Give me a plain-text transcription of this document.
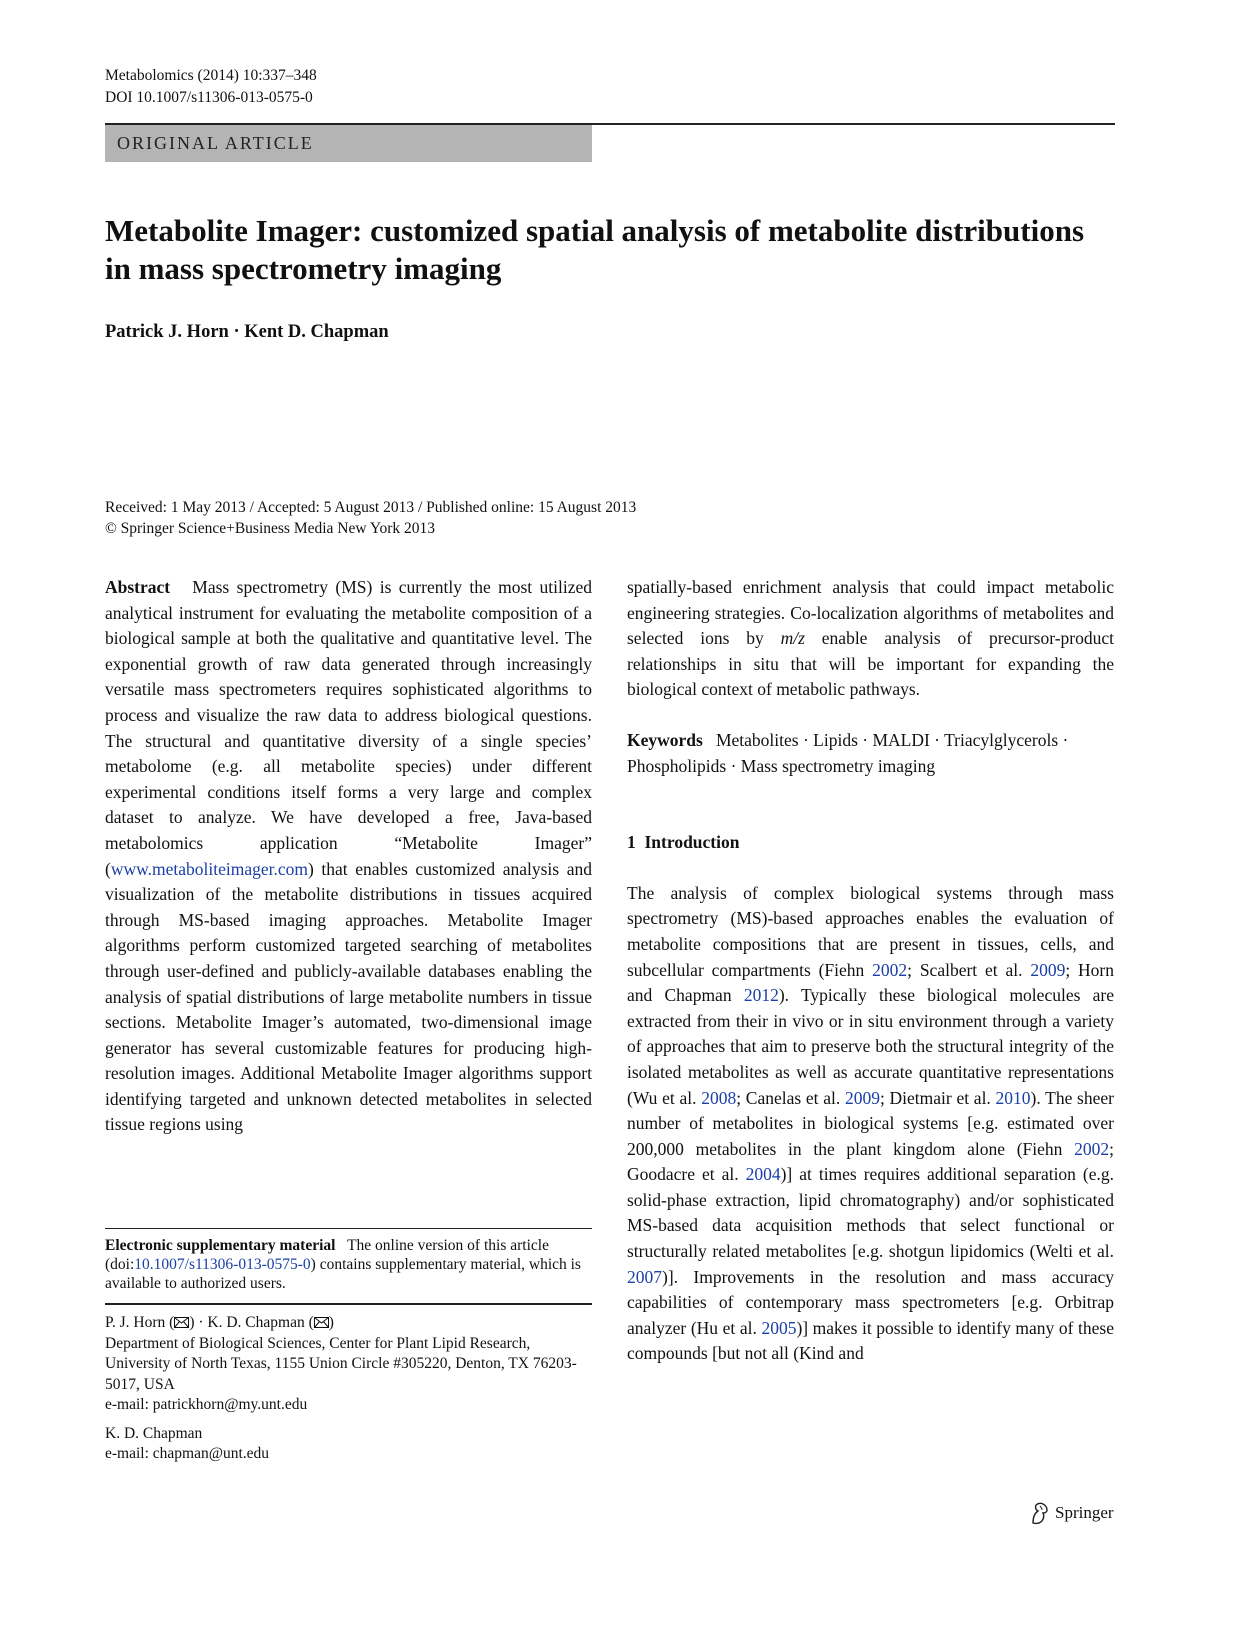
Metabolomics (2014) 10:337–348
DOI 10.1007/s11306-013-0575-0
ORIGINAL ARTICLE
Metabolite Imager: customized spatial analysis of metabolite distributions in mass spectrometry imaging
Patrick J. Horn · Kent D. Chapman
Received: 1 May 2013 / Accepted: 5 August 2013 / Published online: 15 August 2013
© Springer Science+Business Media New York 2013

Abstract Mass spectrometry (MS) is currently the most utilized analytical instrument for evaluating the metabolite composition of a biological sample at both the qualitative and quantitative level. The exponential growth of raw data generated through increasingly versatile mass spectrometers requires sophisticated algorithms to process and visualize the raw data to address biological questions. The structural and quantitative diversity of a single species’ metabolome (e.g. all metabolite species) under different experimental conditions itself forms a very large and complex dataset to analyze. We have developed a free, Java-based metabolomics application “Metabolite Imager” (www.metaboliteimager.com) that enables customized analysis and visualization of the metabolite distributions in tissues acquired through MS-based imaging approaches. Metabolite Imager algorithms perform customized targeted searching of metabolites through user-defined and publicly-available databases enabling the analysis of spatial distributions of large metabolite numbers in tissue sections. Metabolite Imager’s automated, two-dimensional image generator has several customizable features for producing high-resolution images. Additional Metabolite Imager algorithms support identifying targeted and unknown detected metabolites in selected tissue regions using

spatially-based enrichment analysis that could impact metabolic engineering strategies. Co-localization algorithms of metabolites and selected ions by m/z enable analysis of precursor-product relationships in situ that will be important for expanding the biological context of metabolic pathways.

Keywords Metabolites · Lipids · MALDI · Triacylglycerols · Phospholipids · Mass spectrometry imaging

1  Introduction

The analysis of complex biological systems through mass spectrometry (MS)-based approaches enables the evaluation of metabolite compositions that are present in tissues, cells, and subcellular compartments (Fiehn 2002; Scalbert et al. 2009; Horn and Chapman 2012). Typically these biological molecules are extracted from their in vivo or in situ environment through a variety of approaches that aim to preserve both the structural integrity of the isolated metabolites as well as accurate quantitative representations (Wu et al. 2008; Canelas et al. 2009; Dietmair et al. 2010). The sheer number of metabolites in biological systems [e.g. estimated over 200,000 metabolites in the plant kingdom alone (Fiehn 2002; Goodacre et al. 2004)] at times requires additional separation (e.g. solid-phase extraction, lipid chromatography) and/or sophisticated MS-based data acquisition methods that select functional or structurally related metabolites [e.g. shotgun lipidomics (Welti et al. 2007)]. Improvements in the resolution and mass accuracy capabilities of contemporary mass spectrometers [e.g. Orbitrap analyzer (Hu et al. 2005)] makes it possible to identify many of these compounds [but not all (Kind and

Electronic supplementary material The online version of this article (doi:10.1007/s11306-013-0575-0) contains supplementary material, which is available to authorized users.

P. J. Horn ( ) · K. D. Chapman ( )

Department of Biological Sciences, Center for Plant Lipid Research, University of North Texas, 1155 Union Circle #305220, Denton, TX 76203-5017, USA

e-mail: patrickhorn@my.unt.edu

K. D. Chapman

e-mail: chapman@unt.edu

Springer
